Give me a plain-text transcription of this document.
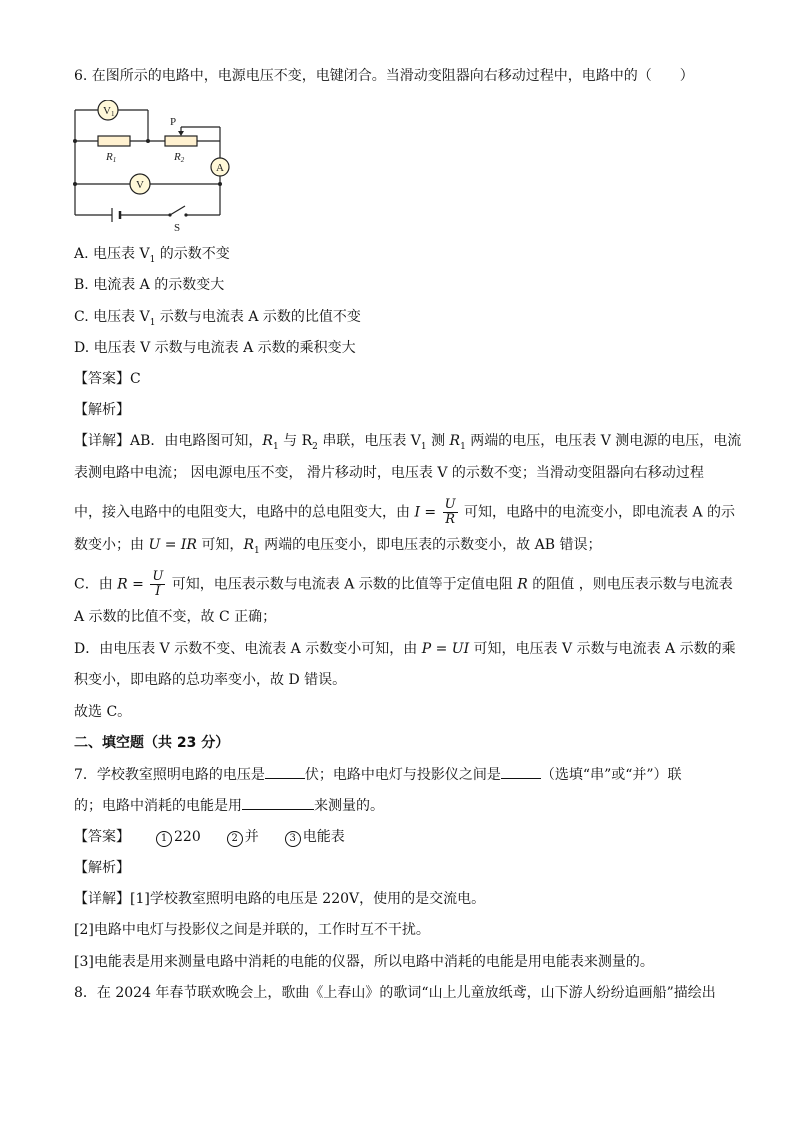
6. 在图所示的电路中，电源电压不变，电键闭合。当滑动变阻器向右移动过程中，电路中的（　　）
V1
P
R1	R2
A
V
S
A. 电压表 $V_1$ 的示数不变
B. 电流表 A 的示数变大
C. 电压表 $V_1$ 示数与电流表 A 示数的比值不变
D. 电压表 V 示数与电流表 A 示数的乘积变大
【答案】C
【解析】
【详解】AB．由电路图可知，$R_1$ 与 $R_2$ 串联，电压表 $V_1$ 测 $R_1$ 两端的电压，电压表 V 测电源的电压，电流
表测电路中电流； 因电源电压不变， 滑片移动时，电压表 V 的示数不变；当滑动变阻器向右移动过程
中，接入电路中的电阻变大，电路中的总电阻变大，由 $I = \frac{U}{R}$ 可知，电路中的电流变小，即电流表 A 的示
数变小；由 U = IR 可知，$R_1$ 两端的电压变小，即电压表的示数变小，故 AB 错误；
C．由 $R = \frac{U}{I}$ 可知，电压表示数与电流表 A 示数的比值等于定值电阻 R 的阻值 ，则电压表示数与电流表
A 示数的比值不变，故 C 正确；
D．由电压表 V 示数不变、电流表 A 示数变小可知，由 P = UI 可知，电压表 V 示数与电流表 A 示数的乘
积变小，即电路的总功率变小，故 D 错误。
故选 C。
二、填空题（共 23 分）
7．学校教室照明电路的电压是	伏；电路中电灯与投影仪之间是	（选填“串”或“并”）联
的；电路中消耗的电能是用	来测量的。
【答案】	1 220	2 并	3 电能表
【解析】
【详解】[1]学校教室照明电路的电压是 220V，使用的是交流电。
[2]电路中电灯与投影仪之间是并联的，工作时互不干扰。
[3]电能表是用来测量电路中消耗的电能的仪器，所以电路中消耗的电能是用电能表来测量的。
8．在 2024 年春节联欢晚会上，歌曲《上春山》的歌词“山上儿童放纸鸢，山下游人纷纷追画船”描绘出
